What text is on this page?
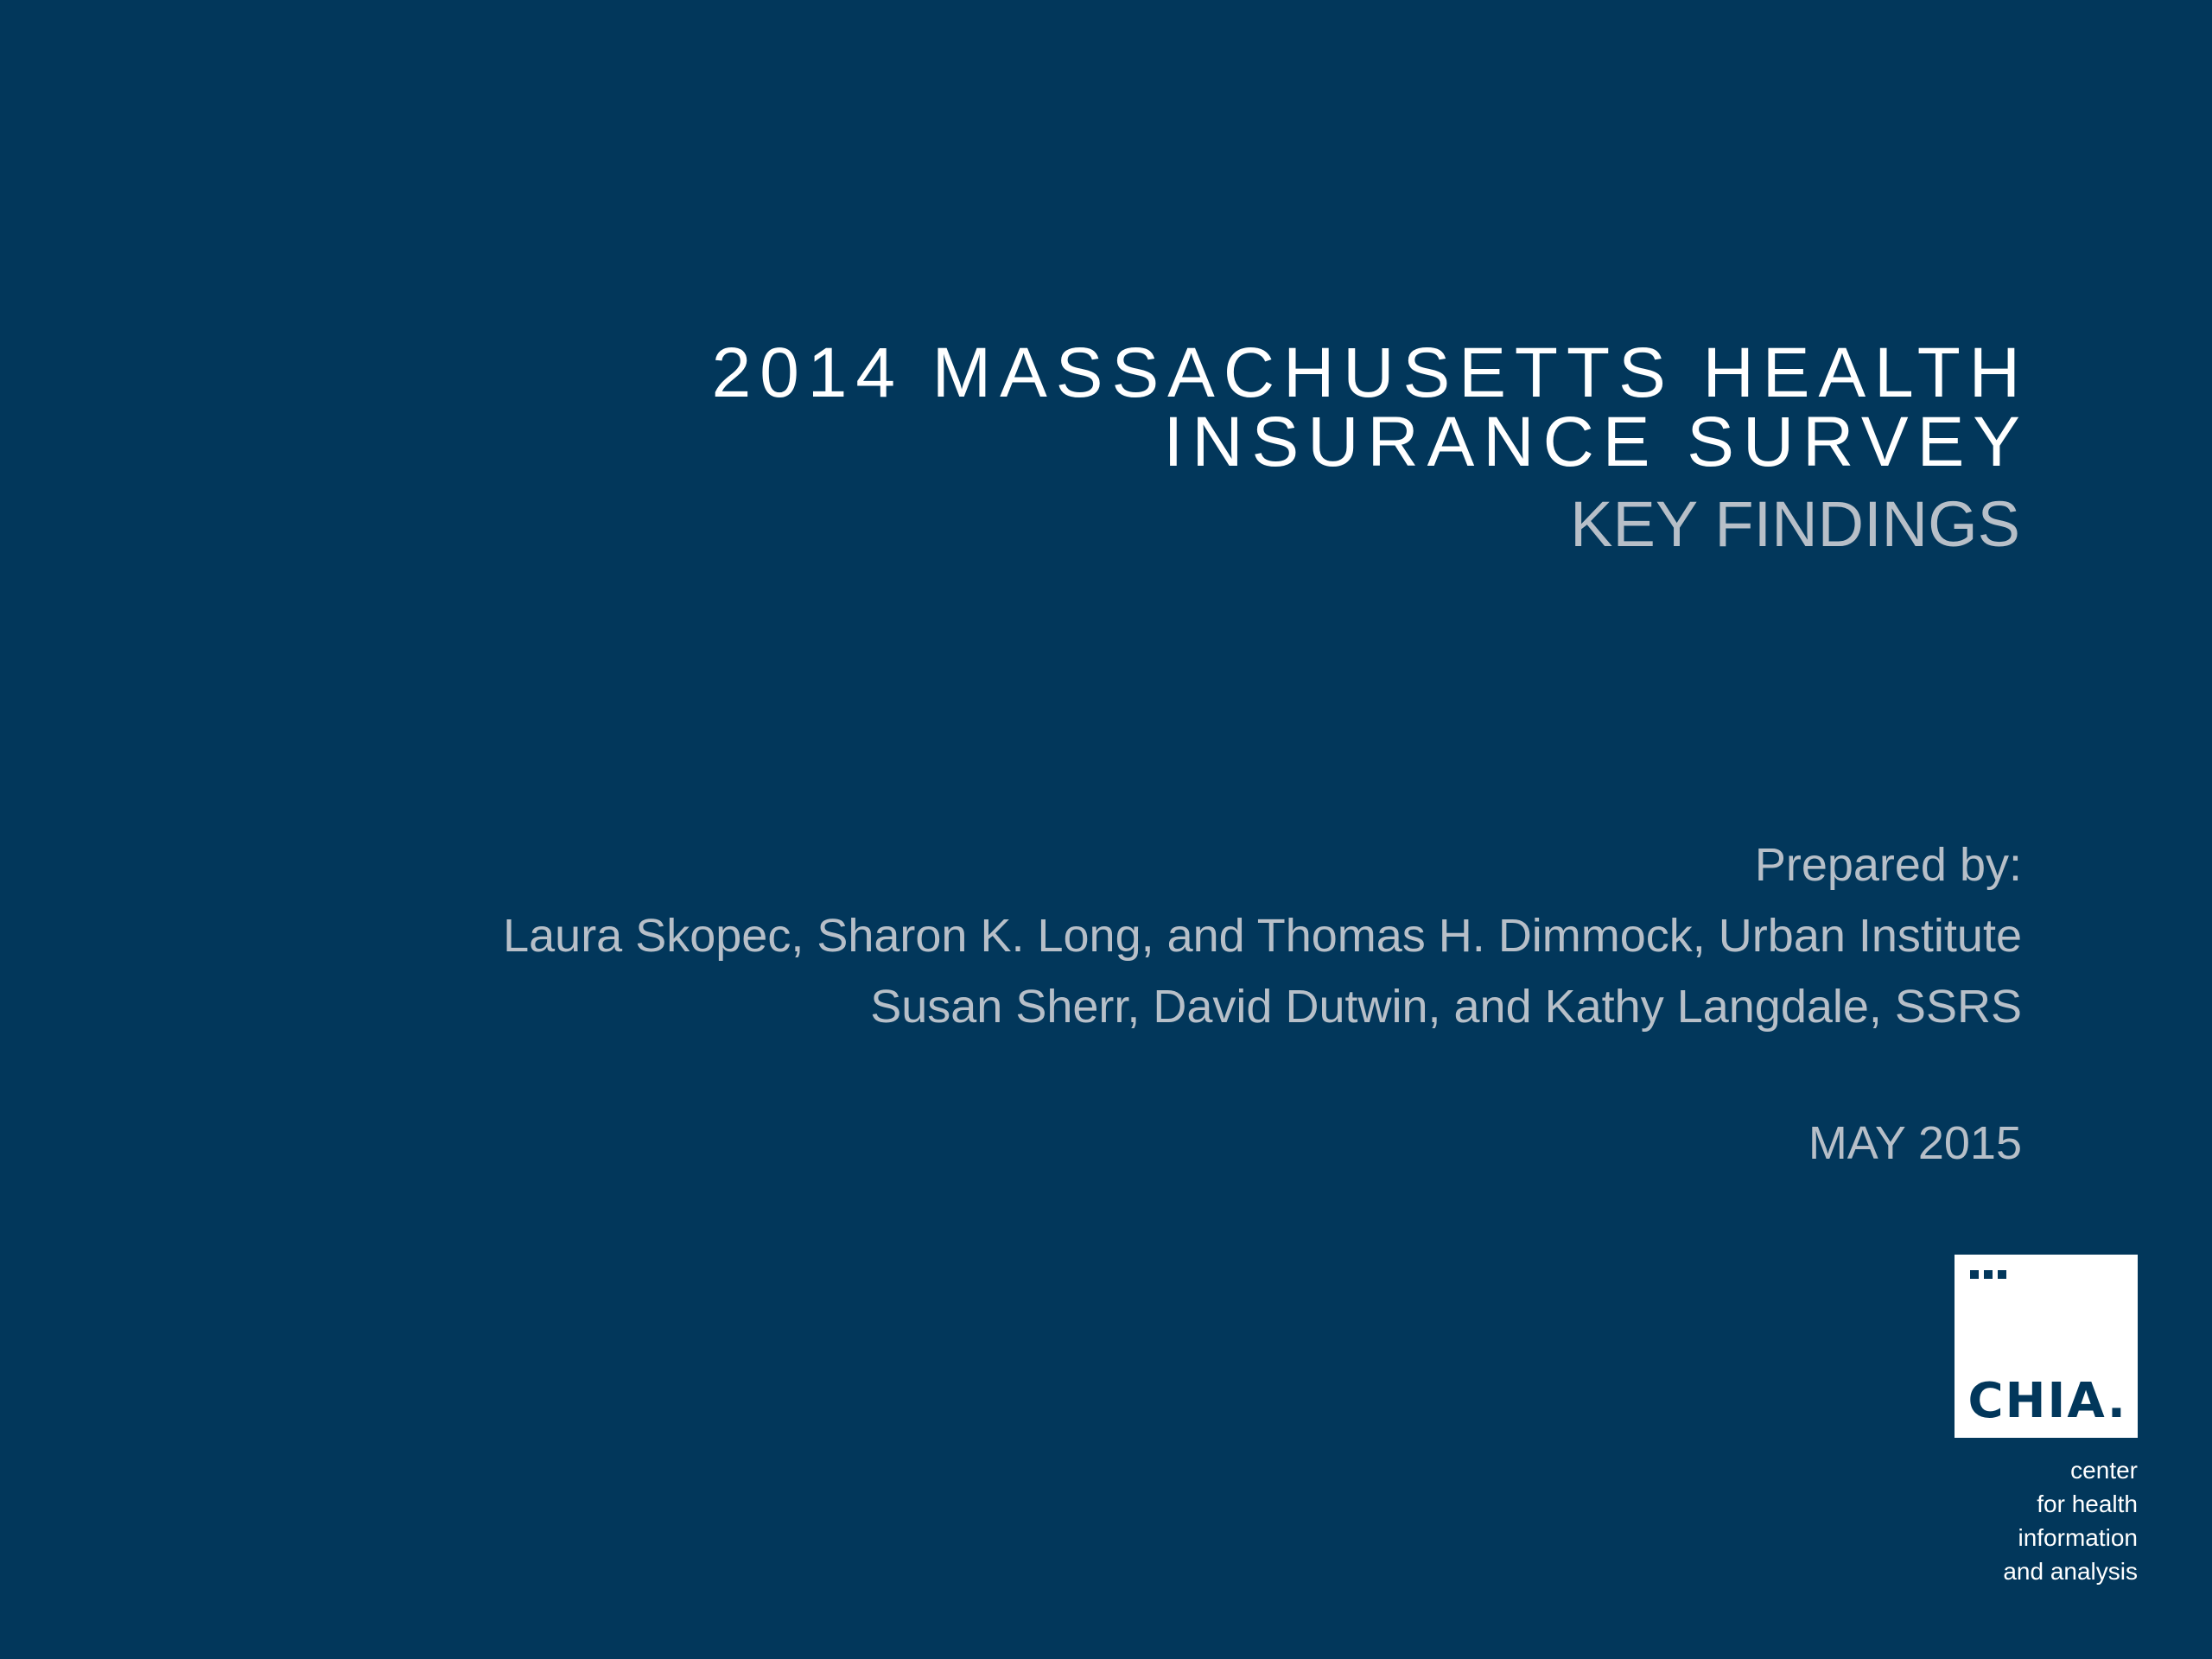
2014 MASSACHUSETTS HEALTH
INSURANCE SURVEY
KEY FINDINGS
Prepared by:
Laura Skopec, Sharon K. Long, and Thomas H. Dimmock, Urban Institute
Susan Sherr, David Dutwin, and Kathy Langdale, SSRS
MAY 2015
CHIA.
center
for health
information
and analysis
